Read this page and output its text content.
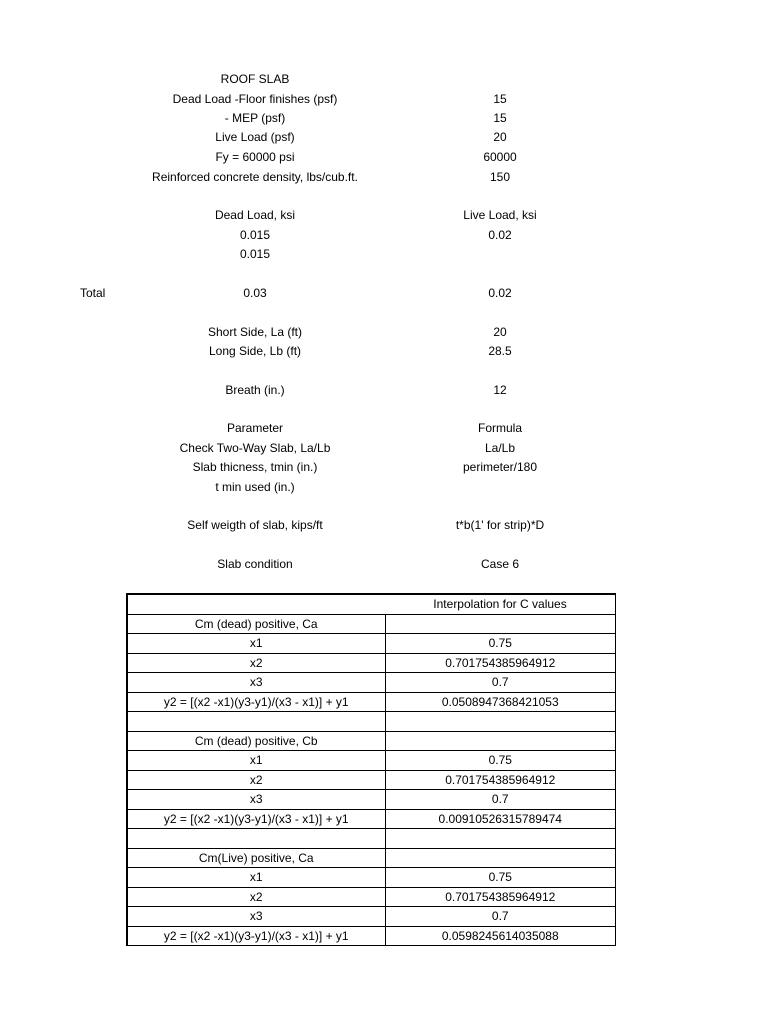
ROOF SLAB
Dead Load -Floor finishes (psf)	15
- MEP (psf)	15
Live Load (psf)	20
Fy = 60000 psi	60000
Reinforced concrete density, lbs/cub.ft.	150
Dead Load, ksi	Live Load, ksi
0.015	0.02
0.015
Total	0.03	0.02
Short Side, La (ft)	20
Long Side, Lb (ft)	28.5
Breath (in.)	12
Parameter	Formula
Check Two-Way Slab, La/Lb	La/Lb
Slab thicness, tmin (in.)	perimeter/180
t min used (in.)
Self weigth of slab, kips/ft	t*b(1' for strip)*D
Slab condition	Case 6
	Interpolation for C values
Cm (dead) positive, Ca	
x1	0.75
x2	0.701754385964912
x3	0.7
y2 = [(x2 -x1)(y3-y1)/(x3 - x1)] + y1	0.0508947368421053

Cm (dead) positive, Cb	
x1	0.75
x2	0.701754385964912
x3	0.7
y2 = [(x2 -x1)(y3-y1)/(x3 - x1)] + y1	0.00910526315789474

Cm(Live) positive, Ca	
x1	0.75
x2	0.701754385964912
x3	0.7
y2 = [(x2 -x1)(y3-y1)/(x3 - x1)] + y1	0.0598245614035088
